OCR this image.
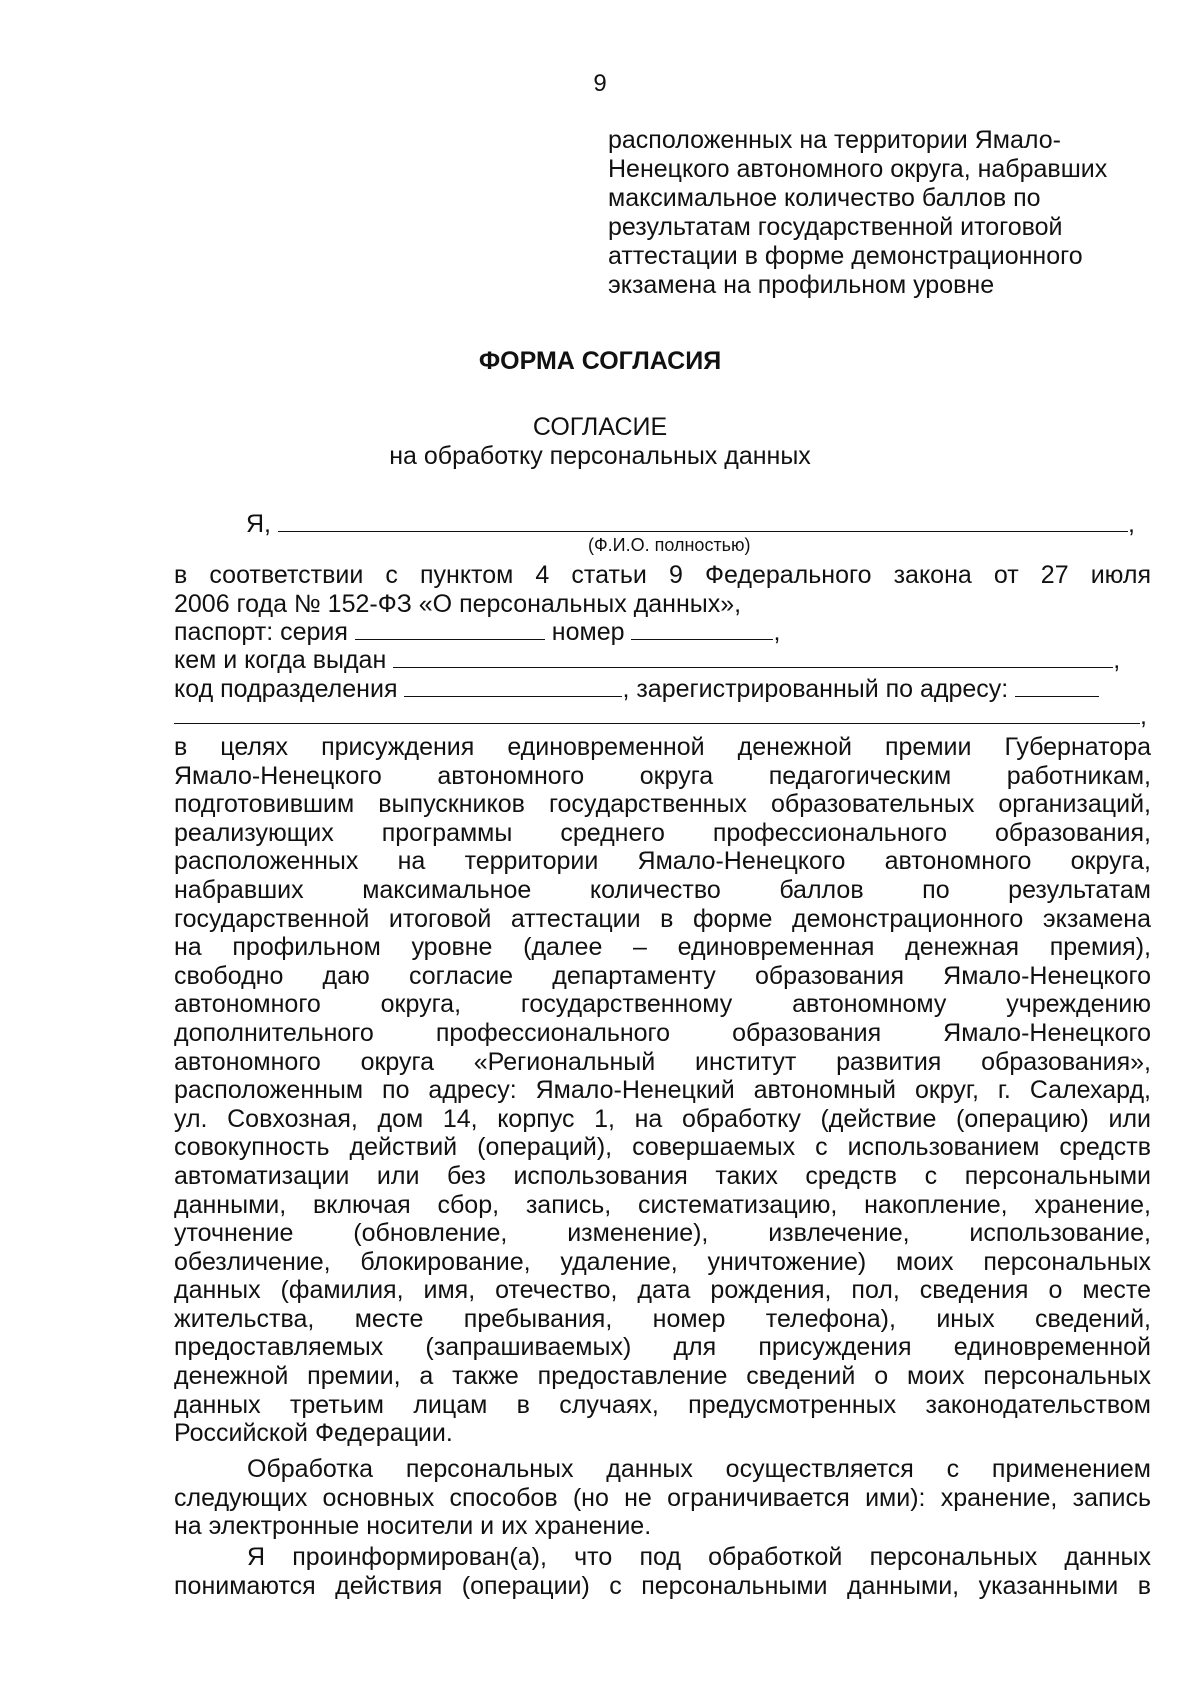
9
расположенных на территории Ямало-
Ненецкого автономного округа, набравших
максимальное количество баллов по
результатам государственной итоговой
аттестации в форме демонстрационного
экзамена на профильном уровне
ФОРМА СОГЛАСИЯ
СОГЛАСИЕ
на обработку персональных данных
Я,	,
(Ф.И.О. полностью)
в соответствии с пунктом 4 статьи 9 Федерального закона от 27 июля
2006 года № 152-ФЗ «О персональных данных»,
паспорт: серия	номер	,
кем и когда выдан	,
код подразделения	, зарегистрированный по адресу:
,
в целях присуждения единовременной денежной премии Губернатора
Ямало-Ненецкого автономного округа педагогическим работникам,
подготовившим выпускников государственных образовательных организаций,
реализующих программы среднего профессионального образования,
расположенных на территории Ямало-Ненецкого автономного округа,
набравших максимальное количество баллов по результатам
государственной итоговой аттестации в форме демонстрационного экзамена
на профильном уровне (далее – единовременная денежная премия),
свободно даю согласие департаменту образования Ямало-Ненецкого
автономного округа, государственному автономному учреждению
дополнительного профессионального образования Ямало-Ненецкого
автономного округа «Региональный институт развития образования»,
расположенным по адресу: Ямало-Ненецкий автономный округ, г. Салехард,
ул. Совхозная, дом 14, корпус 1, на обработку (действие (операцию) или
совокупность действий (операций), совершаемых с использованием средств
автоматизации или без использования таких средств с персональными
данными, включая сбор, запись, систематизацию, накопление, хранение,
уточнение (обновление, изменение), извлечение, использование,
обезличение, блокирование, удаление, уничтожение) моих персональных
данных (фамилия, имя, отечество, дата рождения, пол, сведения о месте
жительства, месте пребывания, номер телефона), иных сведений,
предоставляемых (запрашиваемых) для присуждения единовременной
денежной премии, а также предоставление сведений о моих персональных
данных третьим лицам в случаях, предусмотренных законодательством
Российской Федерации.
Обработка персональных данных осуществляется с применением
следующих основных способов (но не ограничивается ими): хранение, запись
на электронные носители и их хранение.
Я проинформирован(а), что под обработкой персональных данных
понимаются действия (операции) с персональными данными, указанными в
